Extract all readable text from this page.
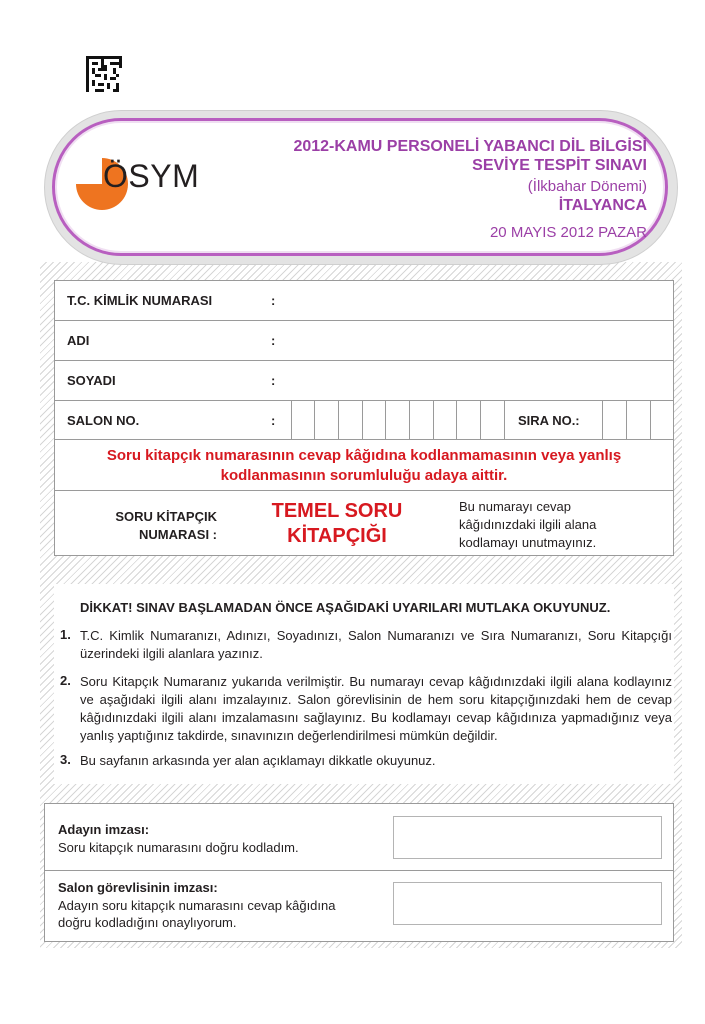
ÖSYM
2012-KAMU PERSONELİ YABANCI DİL BİLGİSİ
SEVİYE TESPİT SINAVI
(İlkbahar Dönemi)
İTALYANCA
20 MAYIS 2012 PAZAR
T.C. KİMLİK NUMARASI	:
ADI	:
SOYADI	:
SALON NO.	:	SIRA NO.:
Soru kitapçık numarasının cevap kâğıdına kodlanmamasının veya yanlış
kodlanmasının sorumluluğu adaya aittir.
SORU KİTAPÇIK
NUMARASI :
TEMEL SORU
KİTAPÇIĞI
Bu numarayı cevap
kâğıdınızdaki ilgili alana
kodlamayı unutmayınız.
DİKKAT! SINAV BAŞLAMADAN ÖNCE AŞAĞIDAKİ UYARILARI MUTLAKA OKUYUNUZ.
1. T.C. Kimlik Numaranızı, Adınızı, Soyadınızı, Salon Numaranızı ve Sıra Numaranızı, Soru Kitapçığı üzerindeki ilgili alanlara yazınız.
2. Soru Kitapçık Numaranız yukarıda verilmiştir. Bu numarayı cevap kâğıdınızdaki ilgili alana kodlayınız ve aşağıdaki ilgili alanı imzalayınız. Salon görevlisinin de hem soru kitapçığınızdaki hem de cevap kâğıdınızdaki ilgili alanı imzalamasını sağlayınız. Bu kodlamayı cevap kâğıdınıza yapmadığınız veya yanlış yaptığınız takdirde, sınavınızın değerlendirilmesi mümkün değildir.
3. Bu sayfanın arkasında yer alan açıklamayı dikkatle okuyunuz.
Adayın imzası:
Soru kitapçık numarasını doğru kodladım.
Salon görevlisinin imzası:
Adayın soru kitapçık numarasını cevap kâğıdına
doğru kodladığını onaylıyorum.
